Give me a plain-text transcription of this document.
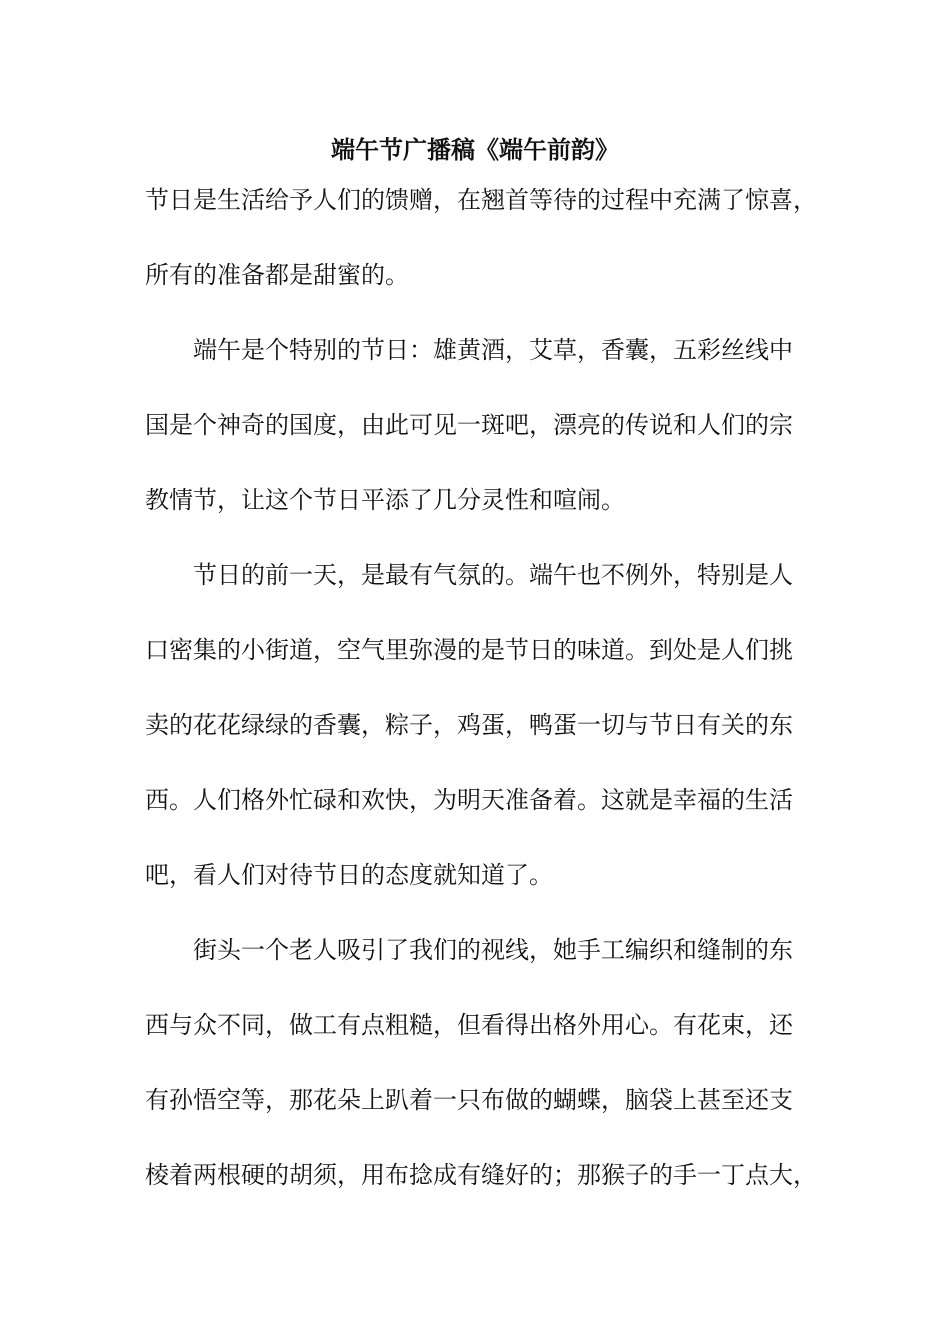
端午节广播稿《端午前韵》
节日是生活给予人们的馈赠，在翘首等待的过程中充满了惊喜，
所有的准备都是甜蜜的。
端午是个特别的节日：雄黄酒，艾草，香囊，五彩丝线中
国是个神奇的国度，由此可见一斑吧，漂亮的传说和人们的宗
教情节，让这个节日平添了几分灵性和喧闹。
节日的前一天，是最有气氛的。端午也不例外，特别是人
口密集的小街道，空气里弥漫的是节日的味道。到处是人们挑
卖的花花绿绿的香囊，粽子，鸡蛋，鸭蛋一切与节日有关的东
西。人们格外忙碌和欢快，为明天准备着。这就是幸福的生活
吧，看人们对待节日的态度就知道了。
街头一个老人吸引了我们的视线，她手工编织和缝制的东
西与众不同，做工有点粗糙，但看得出格外用心。有花束，还
有孙悟空等，那花朵上趴着一只布做的蝴蝶，脑袋上甚至还支
棱着两根硬的胡须，用布捻成有缝好的；那猴子的手一丁点大，
